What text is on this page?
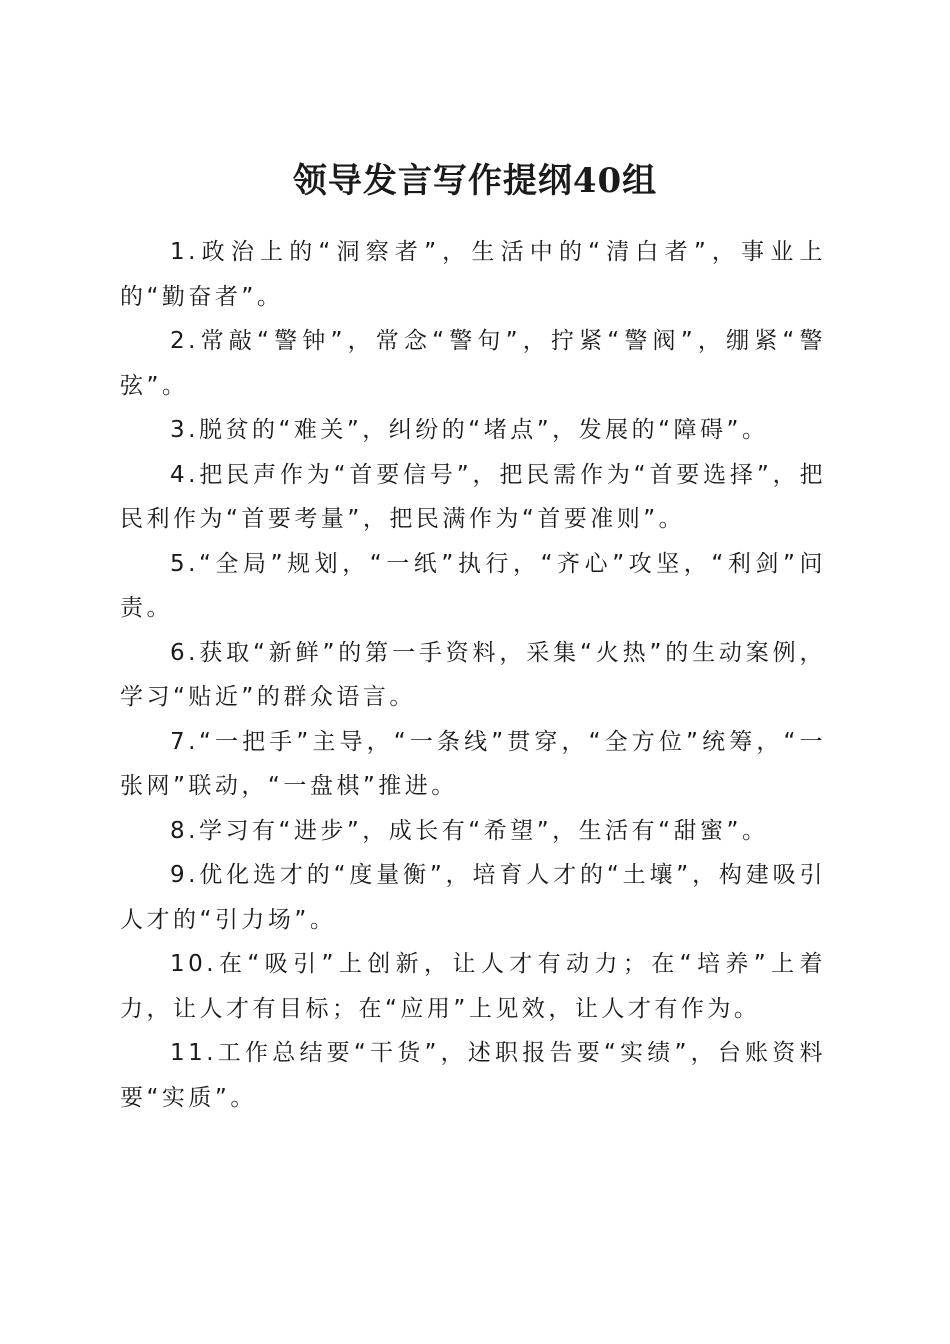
领导发言写作提纲40组

1.政治上的“洞察者”，生活中的“清白者”，事业上的“勤奋者”。

2.常敲“警钟”，常念“警句”，拧紧“警阀”，绷紧“警弦”。

3.脱贫的“难关”，纠纷的“堵点”，发展的“障碍”。

4.把民声作为“首要信号”，把民需作为“首要选择”，把民利作为“首要考量”，把民满作为“首要准则”。

5.“全局”规划，“一纸”执行，“齐心”攻坚，“利剑”问责。

6.获取“新鲜”的第一手资料，采集“火热”的生动案例，学习“贴近”的群众语言。

7.“一把手”主导，“一条线”贯穿，“全方位”统筹，“一张网”联动，“一盘棋”推进。

8.学习有“进步”，成长有“希望”，生活有“甜蜜”。

9.优化选才的“度量衡”，培育人才的“土壤”，构建吸引人才的“引力场”。

10.在“吸引”上创新，让人才有动力；在“培养”上着力，让人才有目标；在“应用”上见效，让人才有作为。

11.工作总结要“干货”，述职报告要“实绩”，台账资料要“实质”。
